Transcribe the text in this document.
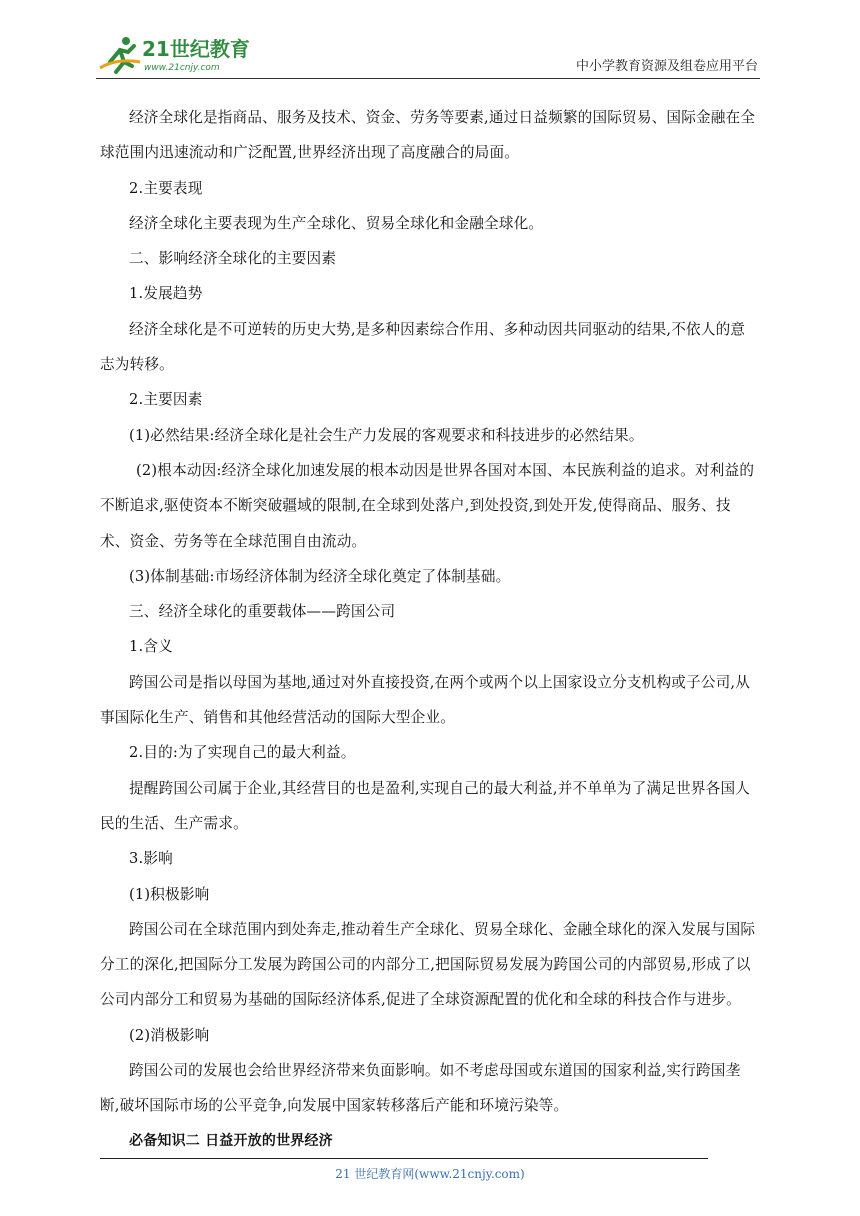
21世纪教育
www.21cnjy.com	中小学教育资源及组卷应用平台

经济全球化是指商品、服务及技术、资金、劳务等要素,通过日益频繁的国际贸易、国际金融在全球范围内迅速流动和广泛配置,世界经济出现了高度融合的局面。

2.主要表现

经济全球化主要表现为生产全球化、贸易全球化和金融全球化。

二、影响经济全球化的主要因素

1.发展趋势

经济全球化是不可逆转的历史大势,是多种因素综合作用、多种动因共同驱动的结果,不依人的意志为转移。

2.主要因素

(1)必然结果:经济全球化是社会生产力发展的客观要求和科技进步的必然结果。

(2)根本动因:经济全球化加速发展的根本动因是世界各国对本国、本民族利益的追求。对利益的不断追求,驱使资本不断突破疆域的限制,在全球到处落户,到处投资,到处开发,使得商品、服务、技术、资金、劳务等在全球范围自由流动。

(3)体制基础:市场经济体制为经济全球化奠定了体制基础。

三、经济全球化的重要载体——跨国公司

1.含义

跨国公司是指以母国为基地,通过对外直接投资,在两个或两个以上国家设立分支机构或子公司,从事国际化生产、销售和其他经营活动的国际大型企业。

2.目的:为了实现自己的最大利益。

提醒跨国公司属于企业,其经营目的也是盈利,实现自己的最大利益,并不单单为了满足世界各国人民的生活、生产需求。

3.影响

(1)积极影响

跨国公司在全球范围内到处奔走,推动着生产全球化、贸易全球化、金融全球化的深入发展与国际分工的深化,把国际分工发展为跨国公司的内部分工,把国际贸易发展为跨国公司的内部贸易,形成了以公司内部分工和贸易为基础的国际经济体系,促进了全球资源配置的优化和全球的科技合作与进步。

(2)消极影响

跨国公司的发展也会给世界经济带来负面影响。如不考虑母国或东道国的国家利益,实行跨国垄断,破坏国际市场的公平竞争,向发展中国家转移落后产能和环境污染等。

必备知识二 日益开放的世界经济

21 世纪教育网(www.21cnjy.com)
